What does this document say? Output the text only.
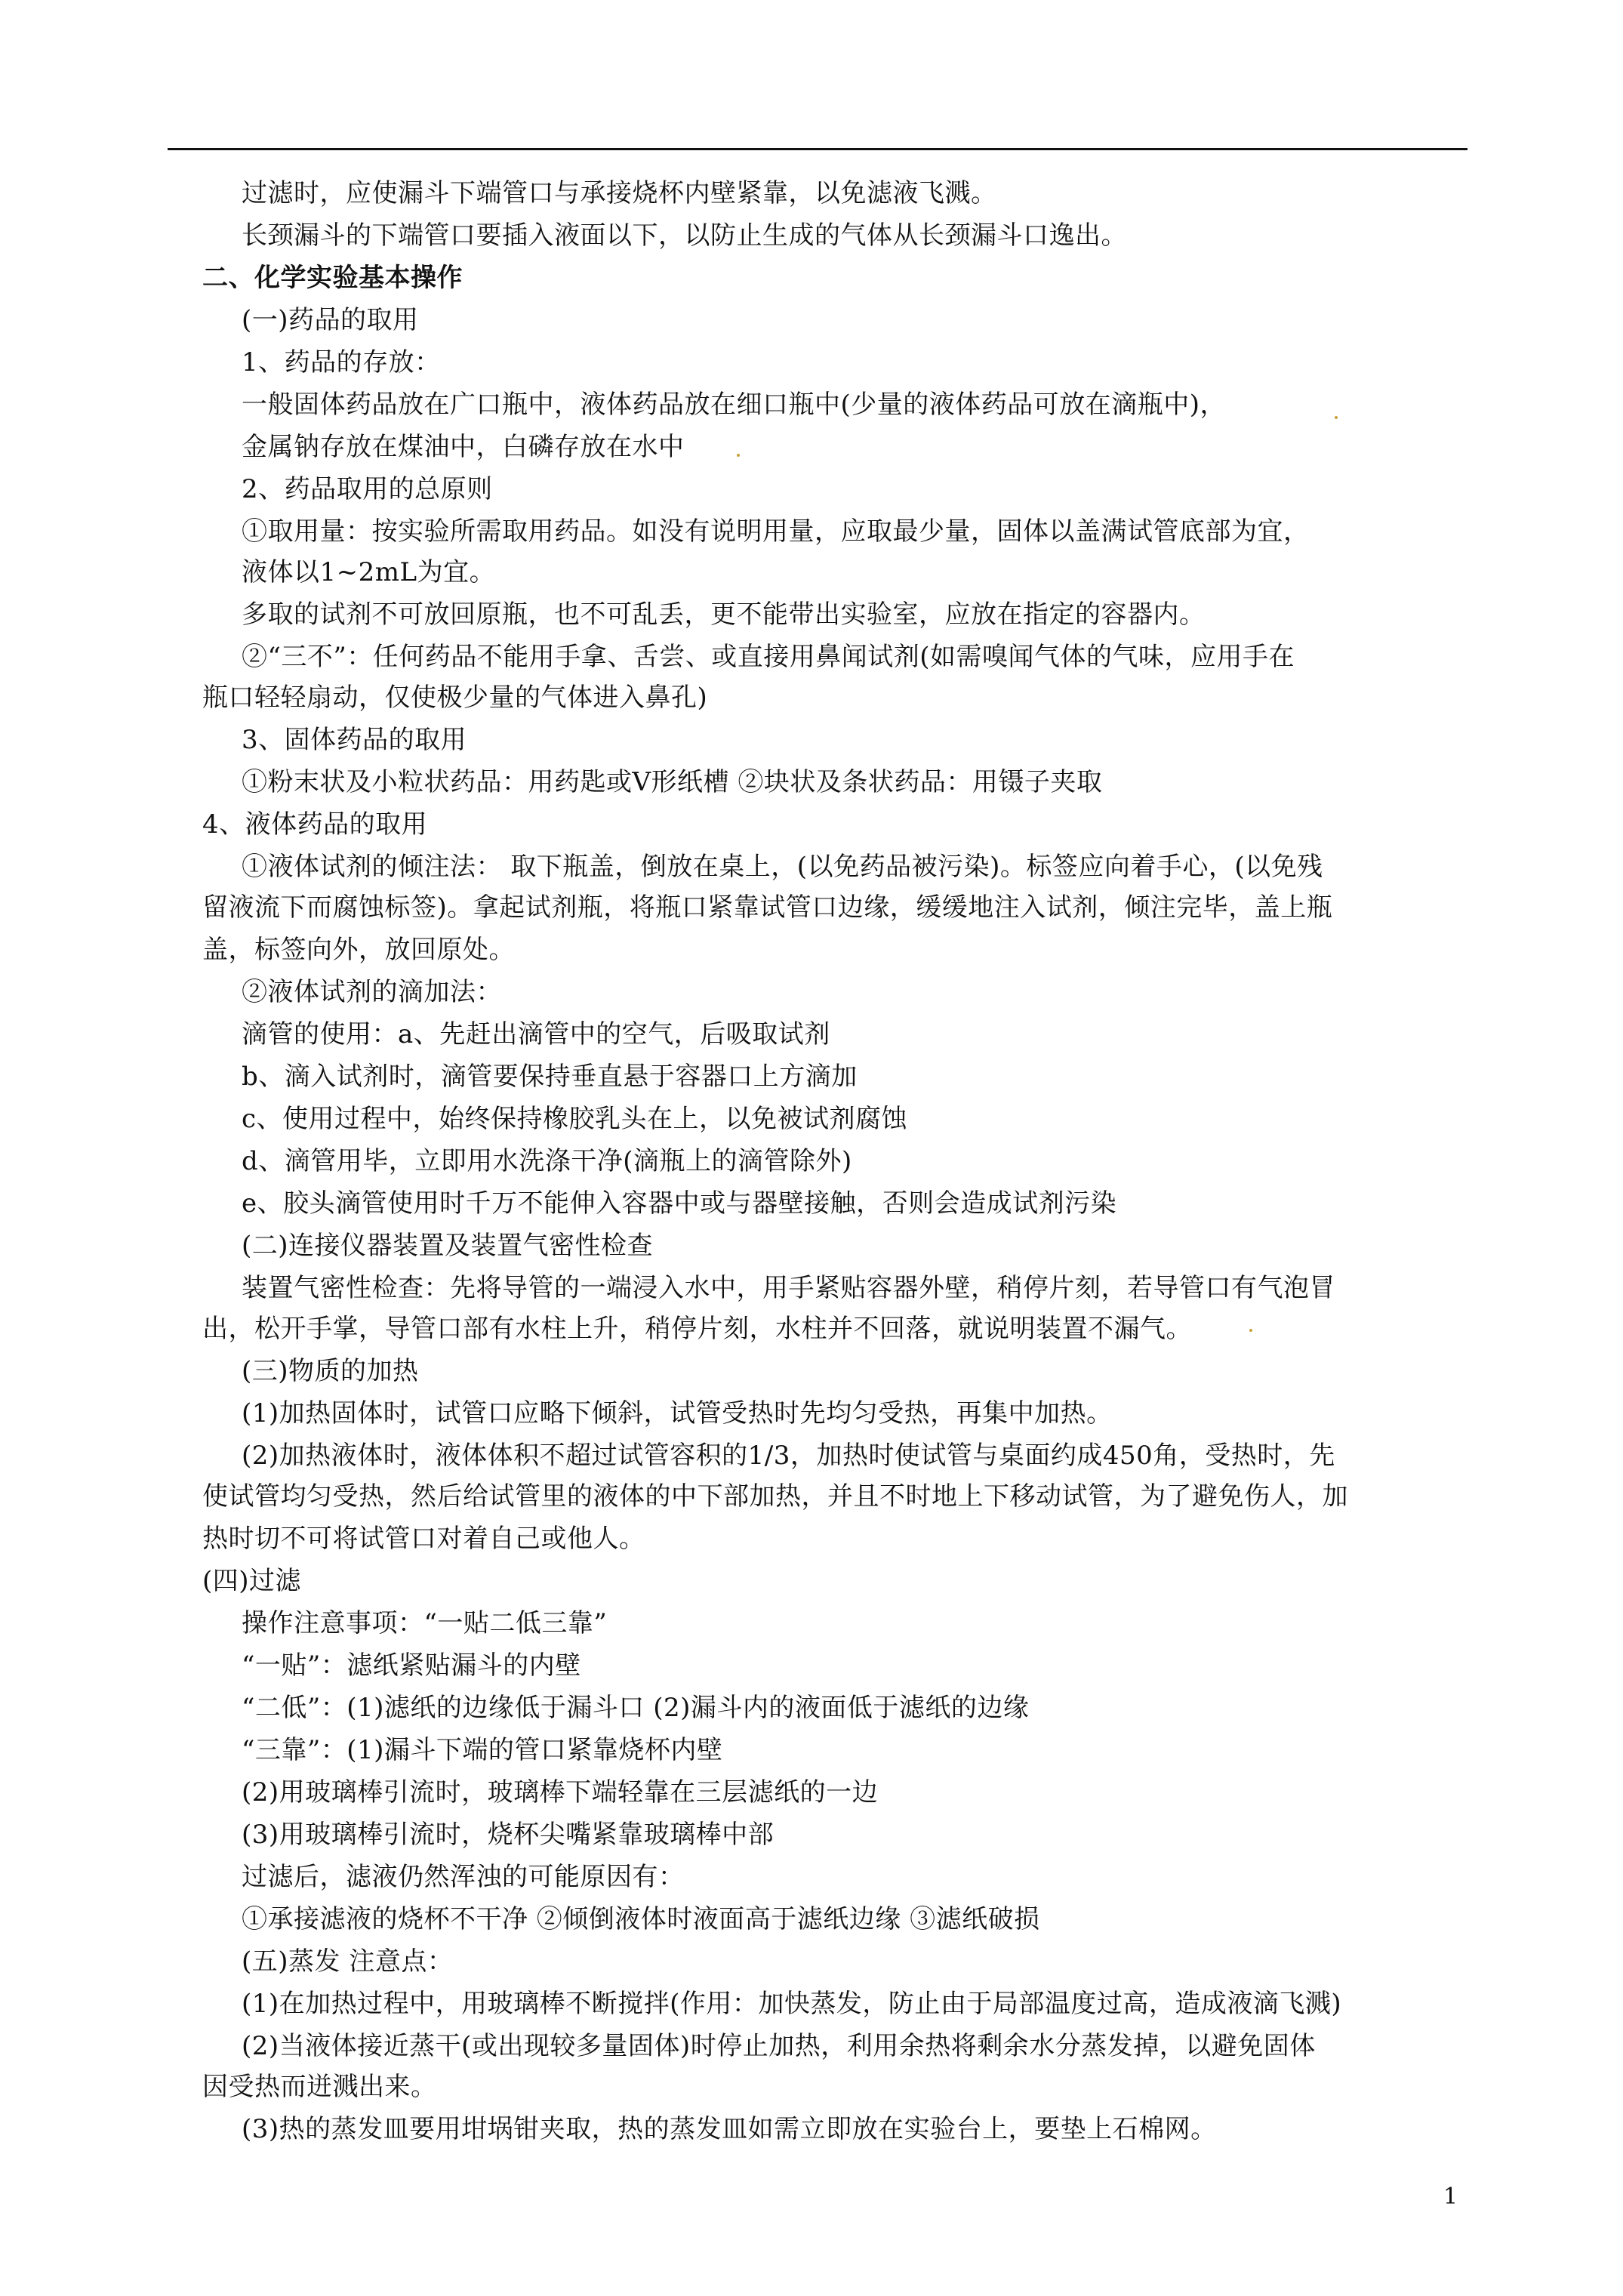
过滤时，应使漏斗下端管口与承接烧杯内壁紧靠，以免滤液飞溅。
长颈漏斗的下端管口要插入液面以下，以防止生成的气体从长颈漏斗口逸出。
二、化学实验基本操作
(一)药品的取用
1、药品的存放：
一般固体药品放在广口瓶中，液体药品放在细口瓶中(少量的液体药品可放在滴瓶中)，
金属钠存放在煤油中，白磷存放在水中
2、药品取用的总原则
①取用量：按实验所需取用药品。如没有说明用量，应取最少量，固体以盖满试管底部为宜，
液体以1~2mL为宜。
多取的试剂不可放回原瓶，也不可乱丢，更不能带出实验室，应放在指定的容器内。
②“三不”：任何药品不能用手拿、舌尝、或直接用鼻闻试剂(如需嗅闻气体的气味，应用手在
瓶口轻轻扇动，仅使极少量的气体进入鼻孔)
3、固体药品的取用
①粉末状及小粒状药品：用药匙或V形纸槽 ②块状及条状药品：用镊子夹取
4、液体药品的取用
①液体试剂的倾注法： 取下瓶盖，倒放在桌上，(以免药品被污染)。标签应向着手心，(以免残
留液流下而腐蚀标签)。拿起试剂瓶，将瓶口紧靠试管口边缘，缓缓地注入试剂，倾注完毕，盖上瓶
盖，标签向外，放回原处。
②液体试剂的滴加法：
滴管的使用：a、先赶出滴管中的空气，后吸取试剂
b、滴入试剂时，滴管要保持垂直悬于容器口上方滴加
c、使用过程中，始终保持橡胶乳头在上，以免被试剂腐蚀
d、滴管用毕，立即用水洗涤干净(滴瓶上的滴管除外)
e、胶头滴管使用时千万不能伸入容器中或与器壁接触，否则会造成试剂污染
(二)连接仪器装置及装置气密性检查
装置气密性检查：先将导管的一端浸入水中，用手紧贴容器外壁，稍停片刻，若导管口有气泡冒
出，松开手掌，导管口部有水柱上升，稍停片刻，水柱并不回落，就说明装置不漏气。
(三)物质的加热
(1)加热固体时，试管口应略下倾斜，试管受热时先均匀受热，再集中加热。
(2)加热液体时，液体体积不超过试管容积的1/3，加热时使试管与桌面约成450角，受热时，先
使试管均匀受热，然后给试管里的液体的中下部加热，并且不时地上下移动试管，为了避免伤人，加
热时切不可将试管口对着自己或他人。
(四)过滤
操作注意事项：“一贴二低三靠”
“一贴”：滤纸紧贴漏斗的内壁
“二低”：(1)滤纸的边缘低于漏斗口 (2)漏斗内的液面低于滤纸的边缘
“三靠”：(1)漏斗下端的管口紧靠烧杯内壁
(2)用玻璃棒引流时，玻璃棒下端轻靠在三层滤纸的一边
(3)用玻璃棒引流时，烧杯尖嘴紧靠玻璃棒中部
过滤后，滤液仍然浑浊的可能原因有：
①承接滤液的烧杯不干净 ②倾倒液体时液面高于滤纸边缘 ③滤纸破损
(五)蒸发 注意点：
(1)在加热过程中，用玻璃棒不断搅拌(作用：加快蒸发，防止由于局部温度过高，造成液滴飞溅)
(2)当液体接近蒸干(或出现较多量固体)时停止加热，利用余热将剩余水分蒸发掉，以避免固体
因受热而迸溅出来。
(3)热的蒸发皿要用坩埚钳夹取，热的蒸发皿如需立即放在实验台上，要垫上石棉网。
1
